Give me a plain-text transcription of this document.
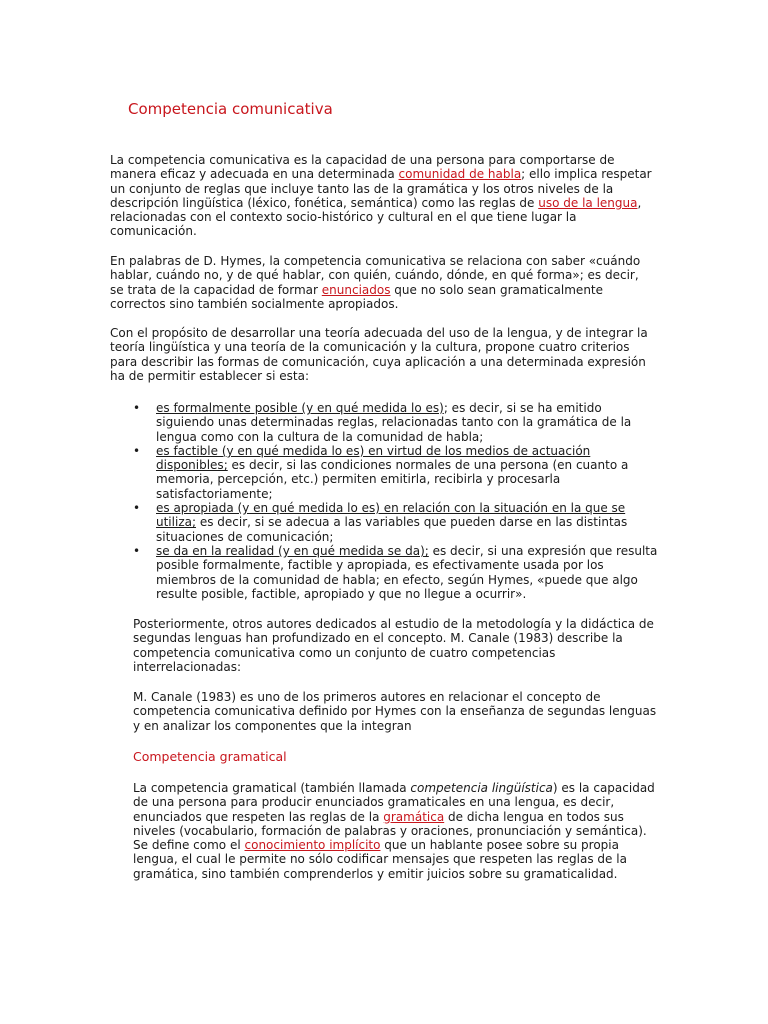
Competencia comunicativa

La competencia comunicativa es la capacidad de una persona para comportarse de manera eficaz y adecuada en una determinada comunidad de habla; ello implica respetar un conjunto de reglas que incluye tanto las de la gramática y los otros niveles de la descripción lingüística (léxico, fonética, semántica) como las reglas de uso de la lengua, relacionadas con el contexto socio-histórico y cultural en el que tiene lugar la comunicación.

En palabras de D. Hymes, la competencia comunicativa se relaciona con saber «cuándo hablar, cuándo no, y de qué hablar, con quién, cuándo, dónde, en qué forma»; es decir, se trata de la capacidad de formar enunciados que no solo sean gramaticalmente correctos sino también socialmente apropiados.

Con el propósito de desarrollar una teoría adecuada del uso de la lengua, y de integrar la teoría lingüística y una teoría de la comunicación y la cultura, propone cuatro criterios para describir las formas de comunicación, cuya aplicación a una determinada expresión ha de permitir establecer si esta:

• es formalmente posible (y en qué medida lo es); es decir, si se ha emitido siguiendo unas determinadas reglas, relacionadas tanto con la gramática de la lengua como con la cultura de la comunidad de habla;
• es factible (y en qué medida lo es) en virtud de los medios de actuación disponibles; es decir, si las condiciones normales de una persona (en cuanto a memoria, percepción, etc.) permiten emitirla, recibirla y procesarla satisfactoriamente;
• es apropiada (y en qué medida lo es) en relación con la situación en la que se utiliza; es decir, si se adecua a las variables que pueden darse en las distintas situaciones de comunicación;
• se da en la realidad (y en qué medida se da); es decir, si una expresión que resulta posible formalmente, factible y apropiada, es efectivamente usada por los miembros de la comunidad de habla; en efecto, según Hymes, «puede que algo resulte posible, factible, apropiado y que no llegue a ocurrir».

Posteriormente, otros autores dedicados al estudio de la metodología y la didáctica de segundas lenguas han profundizado en el concepto. M. Canale (1983) describe la competencia comunicativa como un conjunto de cuatro competencias interrelacionadas:

M. Canale (1983) es uno de los primeros autores en relacionar el concepto de competencia comunicativa definido por Hymes con la enseñanza de segundas lenguas y en analizar los componentes que la integran

Competencia gramatical

La competencia gramatical (también llamada competencia lingüística) es la capacidad de una persona para producir enunciados gramaticales en una lengua, es decir, enunciados que respeten las reglas de la gramática de dicha lengua en todos sus niveles (vocabulario, formación de palabras y oraciones, pronunciación y semántica). Se define como el conocimiento implícito que un hablante posee sobre su propia lengua, el cual le permite no sólo codificar mensajes que respeten las reglas de la gramática, sino también comprenderlos y emitir juicios sobre su gramaticalidad.
